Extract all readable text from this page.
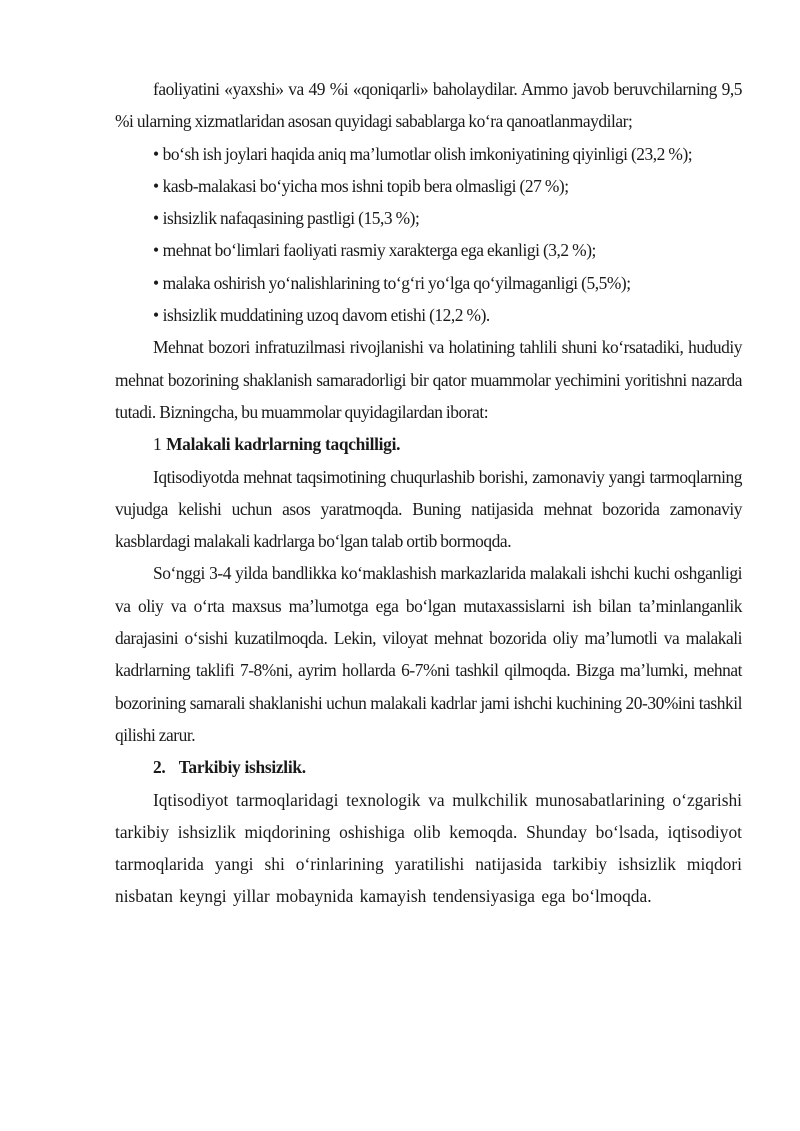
faoliyatini «yaxshi» va 49 %i «qoniqarli» baholaydilar. Ammo javob beruvchilarning 9,5 %i ularning xizmatlaridan asosan quyidagi sabablarga ko‘ra qanoatlanmaydilar;

• bo‘sh ish joylari haqida aniq ma’lumotlar olish imkoniyatining qiyinligi (23,2 %);

• kasb-malakasi bo‘yicha mos ishni topib bera olmasligi (27 %);

• ishsizlik nafaqasining pastligi (15,3 %);

• mehnat bo‘limlari faoliyati rasmiy xarakterga ega ekanligi (3,2 %);

• malaka oshirish yo‘nalishlarining to‘g‘ri yo‘lga qo‘yilmaganligi (5,5%);

• ishsizlik muddatining uzoq davom etishi (12,2 %).

Mehnat bozori infratuzilmasi rivojlanishi va holatining tahlili shuni ko‘rsatadiki, hududiy mehnat bozorining shaklanish samaradorligi bir qator muammolar yechimini yoritishni nazarda tutadi. Bizningcha, bu muammolar quyidagilardan iborat:

1 Malakali kadrlarning taqchilligi.

Iqtisodiyotda mehnat taqsimotining chuqurlashib borishi, zamonaviy yangi tarmoqlarning vujudga kelishi uchun asos yaratmoqda. Buning natijasida mehnat bozorida zamonaviy kasblardagi malakali kadrlarga bo‘lgan talab ortib bormoqda.

So‘nggi 3-4 yilda bandlikka ko‘maklashish markazlarida malakali ishchi kuchi oshganligi va oliy va o‘rta maxsus ma’lumotga ega bo‘lgan mutaxassislarni ish bilan ta’minlanganlik darajasini o‘sishi kuzatilmoqda. Lekin, viloyat mehnat bozorida oliy ma’lumotli va malakali kadrlarning taklifi 7-8%ni, ayrim hollarda 6-7%ni tashkil qilmoqda. Bizga ma’lumki, mehnat bozorining samarali shaklanishi uchun malakali kadrlar jami ishchi kuchining 20-30%ini tashkil qilishi zarur.

2. Tarkibiy ishsizlik.

Iqtisodiyot tarmoqlaridagi texnologik va mulkchilik munosabatlarining o‘zgarishi tarkibiy ishsizlik miqdorining oshishiga olib kemoqda. Shunday bo‘lsada, iqtisodiyot tarmoqlarida yangi shi o‘rinlarining yaratilishi natijasida tarkibiy ishsizlik miqdori nisbatan keyngi yillar mobaynida kamayish tendensiyasiga ega bo‘lmoqda.
